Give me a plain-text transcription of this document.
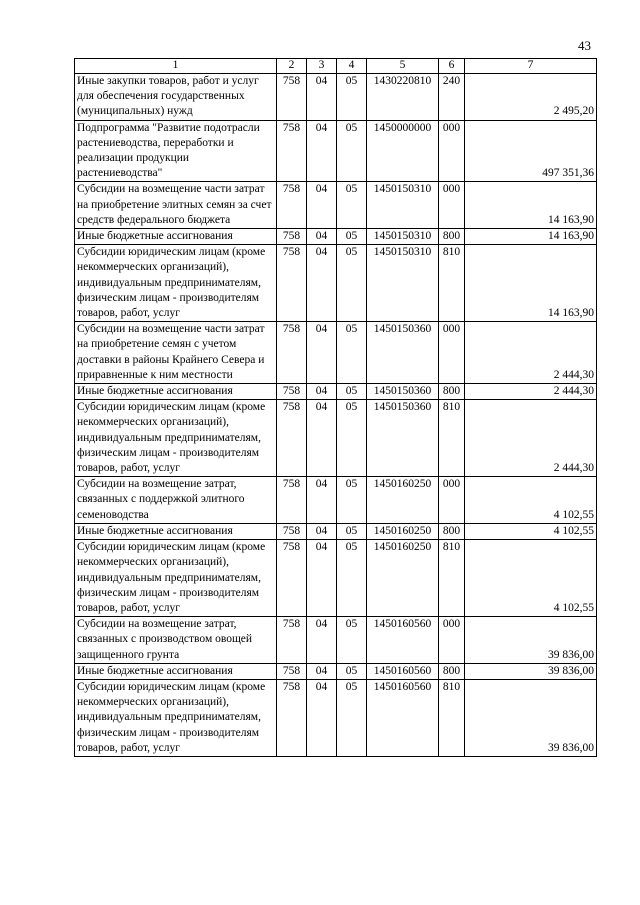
43
1	2	3	4	5	6	7
Иные закупки товаров, работ и услуг для обеспечения государственных (муниципальных) нужд	758	04	05	1430220810	240	2 495,20
Подпрограмма "Развитие подотрасли растениеводства, переработки и реализации продукции растениеводства"	758	04	05	1450000000	000	497 351,36
Субсидии на возмещение части затрат на приобретение элитных семян за счет средств федерального бюджета	758	04	05	1450150310	000	14 163,90
Иные бюджетные ассигнования	758	04	05	1450150310	800	14 163,90
Субсидии юридическим лицам (кроме некоммерческих организаций), индивидуальным предпринимателям, физическим лицам - производителям товаров, работ, услуг	758	04	05	1450150310	810	14 163,90
Субсидии на возмещение части затрат на приобретение семян с учетом доставки в районы Крайнего Севера и приравненные к ним местности	758	04	05	1450150360	000	2 444,30
Иные бюджетные ассигнования	758	04	05	1450150360	800	2 444,30
Субсидии юридическим лицам (кроме некоммерческих организаций), индивидуальным предпринимателям, физическим лицам - производителям товаров, работ, услуг	758	04	05	1450150360	810	2 444,30
Субсидии на возмещение затрат, связанных с поддержкой элитного семеноводства	758	04	05	1450160250	000	4 102,55
Иные бюджетные ассигнования	758	04	05	1450160250	800	4 102,55
Субсидии юридическим лицам (кроме некоммерческих организаций), индивидуальным предпринимателям, физическим лицам - производителям товаров, работ, услуг	758	04	05	1450160250	810	4 102,55
Субсидии на возмещение затрат, связанных с производством овощей защищенного грунта	758	04	05	1450160560	000	39 836,00
Иные бюджетные ассигнования	758	04	05	1450160560	800	39 836,00
Субсидии юридическим лицам (кроме некоммерческих организаций), индивидуальным предпринимателям, физическим лицам - производителям товаров, работ, услуг	758	04	05	1450160560	810	39 836,00
